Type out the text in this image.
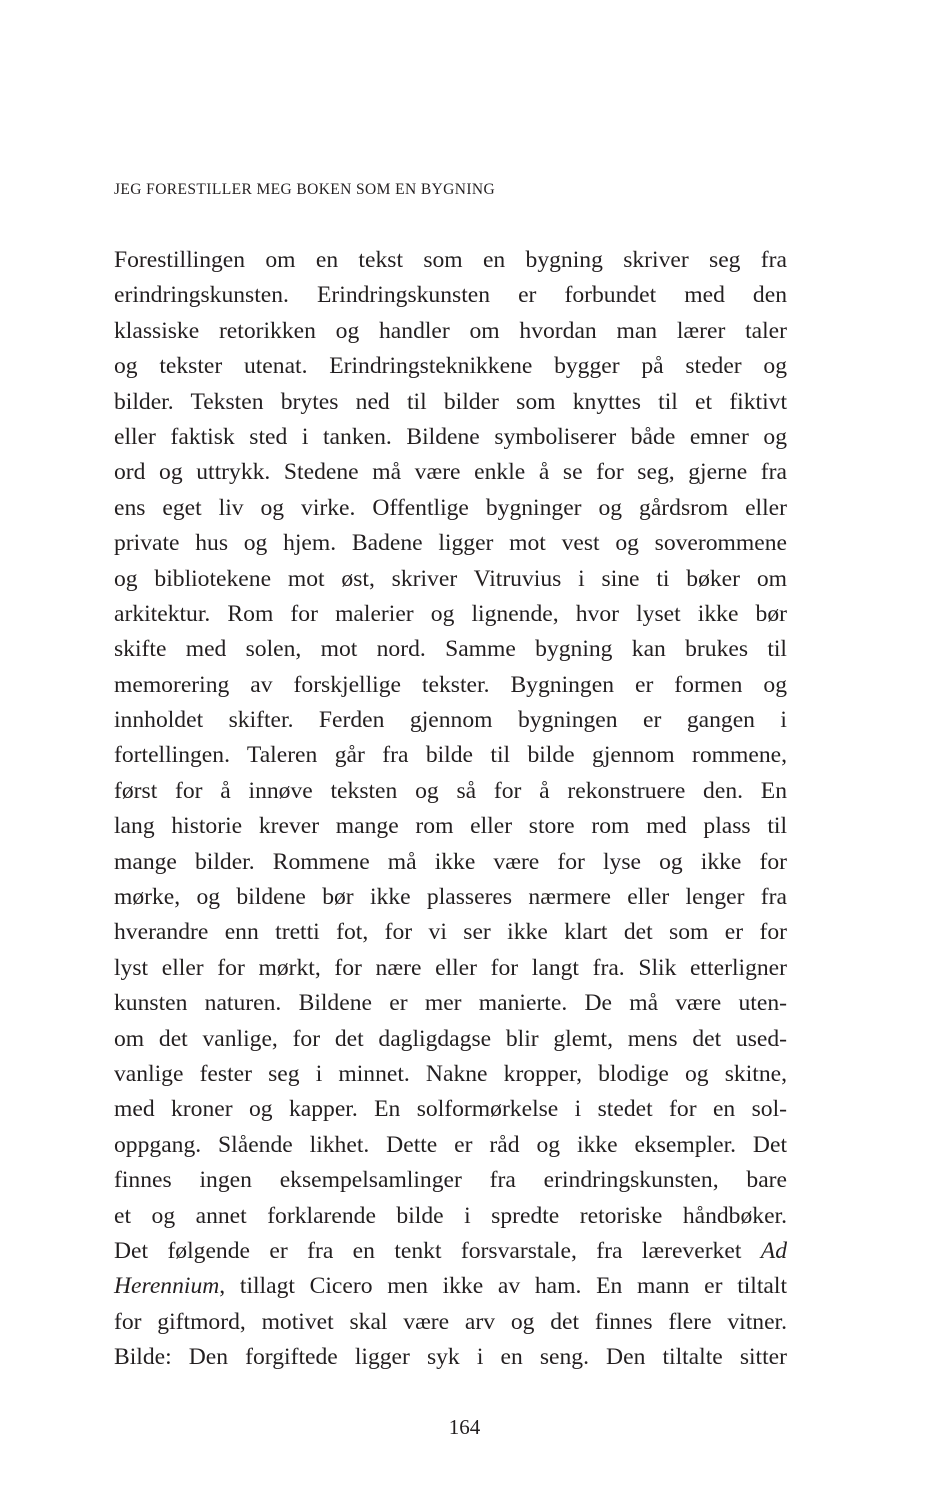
JEG FORESTILLER MEG BOKEN SOM EN BYGNING

Forestillingen om en tekst som en bygning skriver seg fra
erindringskunsten. Erindringskunsten er forbundet med den
klassiske retorikken og handler om hvordan man lærer taler
og tekster utenat. Erindringsteknikkene bygger på steder og
bilder. Teksten brytes ned til bilder som knyttes til et fiktivt
eller faktisk sted i tanken. Bildene symboliserer både emner og
ord og uttrykk. Stedene må være enkle å se for seg, gjerne fra
ens eget liv og virke. Offentlige bygninger og gårdsrom eller
private hus og hjem. Badene ligger mot vest og soverommene
og bibliotekene mot øst, skriver Vitruvius i sine ti bøker om
arkitektur. Rom for malerier og lignende, hvor lyset ikke bør
skifte med solen, mot nord. Samme bygning kan brukes til
memorering av forskjellige tekster. Bygningen er formen og
innholdet skifter. Ferden gjennom bygningen er gangen i
fortellingen. Taleren går fra bilde til bilde gjennom rommene,
først for å innøve teksten og så for å rekonstruere den. En
lang historie krever mange rom eller store rom med plass til
mange bilder. Rommene må ikke være for lyse og ikke for
mørke, og bildene bør ikke plasseres nærmere eller lenger fra
hverandre enn tretti fot, for vi ser ikke klart det som er for
lyst eller for mørkt, for nære eller for langt fra. Slik etterligner
kunsten naturen. Bildene er mer manierte. De må være uten-
om det vanlige, for det dagligdagse blir glemt, mens det used-
vanlige fester seg i minnet. Nakne kropper, blodige og skitne,
med kroner og kapper. En solformørkelse i stedet for en sol-
oppgang. Slående likhet. Dette er råd og ikke eksempler. Det
finnes ingen eksempelsamlinger fra erindringskunsten, bare
et og annet forklarende bilde i spredte retoriske håndbøker.
Det følgende er fra en tenkt forsvarstale, fra læreverket Ad
Herennium, tillagt Cicero men ikke av ham. En mann er tiltalt
for giftmord, motivet skal være arv og det finnes flere vitner.
Bilde: Den forgiftede ligger syk i en seng. Den tiltalte sitter

164
